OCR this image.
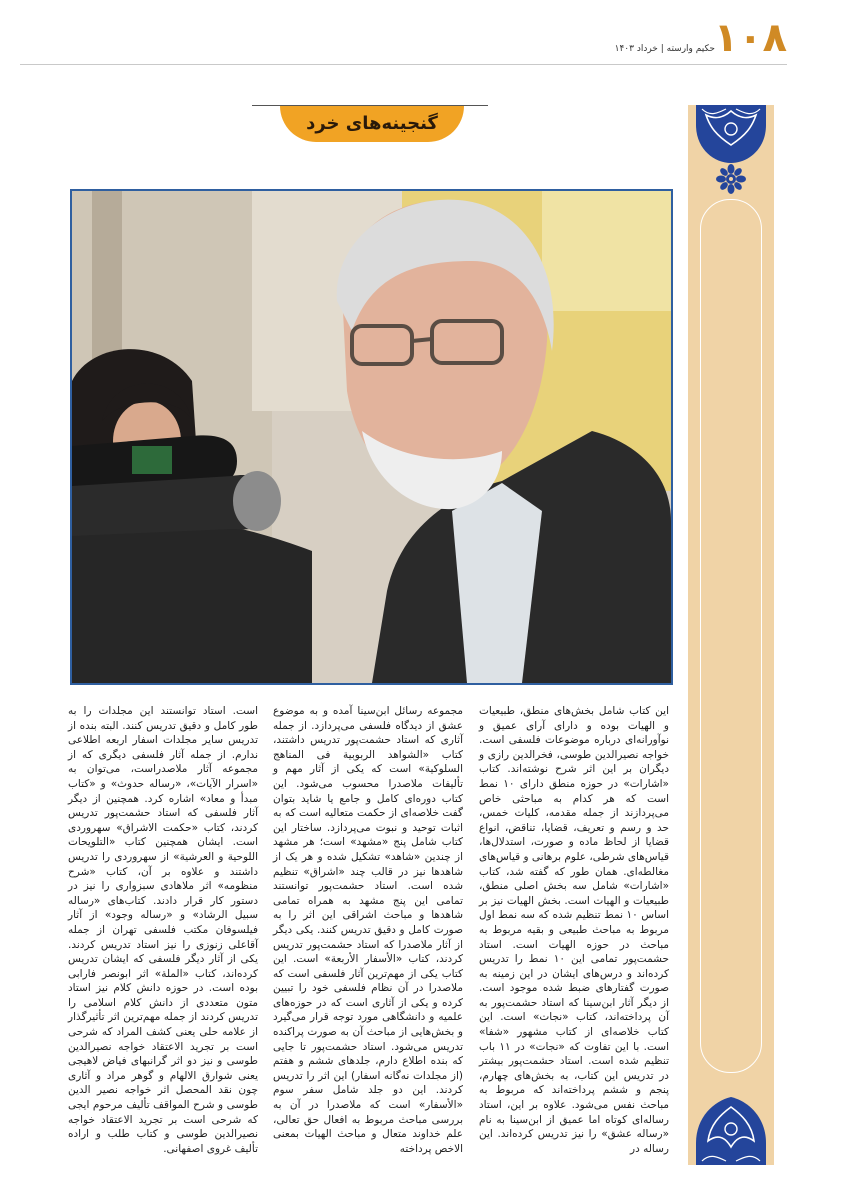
۱۰۸
حکیم وارسته | خرداد ۱۴۰۳
گنجینه‌های خرد

این کتاب شامل بخش‌های منطق، طبیعیات و الهیات بوده و دارای آرای عمیق و نوآورانه‌ای درباره موضوعات فلسفی است. خواجه نصیرالدین طوسی، فخرالدین رازی و دیگران بر این اثر شرح نوشته‌اند. کتاب «اشارات» در حوزه منطق دارای ۱۰ نمط است که هر کدام به مباحثی خاص می‌پردازند از جمله مقدمه، کلیات خمس، حد و رسم و تعریف، قضایا، تناقض، انواع قضایا از لحاظ ماده و صورت، استدلال‌ها، قیاس‌های شرطی، علوم برهانی و قیاس‌های مغالطه‌ای. همان طور که گفته شد، کتاب «اشارات» شامل سه بخش اصلی منطق، طبیعیات و الهیات است. بخش الهیات نیز بر اساس ۱۰ نمط تنظیم شده که سه نمط اول مربوط به مباحث طبیعی و بقیه مربوط به مباحث در حوزه الهیات است. استاد حشمت‌پور تمامی این ۱۰ نمط را تدریس کرده‌اند و درس‌های ایشان در این زمینه به صورت گفتارهای ضبط شده موجود است. از دیگر آثار ابن‌سینا که استاد حشمت‌پور به آن پرداخته‌اند، کتاب «نجات» است. این کتاب خلاصه‌ای از کتاب مشهور «شفا» است. با این تفاوت که «نجات» در ۱۱ باب تنظیم شده است. استاد حشمت‌پور بیشتر در تدریس این کتاب، به بخش‌های چهارم، پنجم و ششم پرداخته‌اند که مربوط به مباحث نفس می‌شود. علاوه بر این، استاد رساله‌ای کوتاه اما عمیق از ابن‌سینا به نام «رساله عشق» را نیز تدریس کرده‌اند. این رساله در

مجموعه رسائل ابن‌سینا آمده و به موضوع عشق از دیدگاه فلسفی می‌پردازد. از جمله آثاری که استاد حشمت‌پور تدریس داشتند، کتاب «الشواهد الربوبیة فی المناهج السلوکیة» است که یکی از آثار مهم و تألیفات ملاصدرا محسوب می‌شود. این کتاب دوره‌ای کامل و جامع یا شاید بتوان گفت خلاصه‌ای از حکمت متعالیه است که به اثبات توحید و نبوت می‌پردازد. ساختار این کتاب شامل پنج «مشهد» است؛ هر مشهد از چندین «شاهد» تشکیل شده و هر یک از شاهدها نیز در قالب چند «اشراق» تنظیم شده است. استاد حشمت‌پور توانستند تمامی این پنج مشهد به همراه تمامی شاهدها و مباحث اشراقی این اثر را به صورت کامل و دقیق تدریس کنند. یکی دیگر از آثار ملاصدرا که استاد حشمت‌پور تدریس کردند، کتاب «الأسفار الأربعة» است. این کتاب یکی از مهم‌ترین آثار فلسفی است که ملاصدرا در آن نظام فلسفی خود را تبیین کرده و یکی از آثاری است که در حوزه‌های علمیه و دانشگاهی مورد توجه قرار می‌گیرد و بخش‌هایی از مباحث آن به صورت پراکنده تدریس می‌شود. استاد حشمت‌پور تا جایی که بنده اطلاع دارم، جلدهای ششم و هفتم (از مجلدات نه‌گانه اسفار) این اثر را تدریس کردند. این دو جلد شامل سفر سوم «الأسفار» است که ملاصدرا در آن به بررسی مباحث مربوط به افعال حق تعالی، علم خداوند متعال و مباحث الهیات بمعنی الاخص پرداخته

است. استاد توانستند این مجلدات را به طور کامل و دقیق تدریس کنند. البته بنده از تدریس سایر مجلدات اسفار اربعه اطلاعی ندارم. از جمله آثار فلسفی دیگری که از مجموعه آثار ملاصدراست، می‌توان به «اسرار الآیات»، «رساله حدوث» و «کتاب مبدأ و معاد» اشاره کرد. همچنین از دیگر آثار فلسفی که استاد حشمت‌پور تدریس کردند، کتاب «حکمت الاشراق» سهروردی است. ایشان همچنین کتاب «التلویحات اللوحیة و العرشیة» از سهروردی را تدریس داشتند و علاوه بر آن، کتاب «شرح منظومه» اثر ملاهادی سبزواری را نیز در دستور کار قرار دادند. کتاب‌های «رساله سبیل الرشاد» و «رساله وجود» از آثار فیلسوفان مکتب فلسفی تهران از جمله آقاعلی زنوزی را نیز استاد تدریس کردند. یکی از آثار دیگر فلسفی که ایشان تدریس کرده‌اند، کتاب «الملة» اثر ابونصر فارابی بوده است. در حوزه دانش کلام نیز استاد متون متعددی از دانش کلام اسلامی را تدریس کردند از جمله مهم‌ترین اثر تأثیرگذار از علامه حلی یعنی کشف المراد که شرحی است بر تجرید الاعتقاد خواجه نصیرالدین طوسی و نیز دو اثر گرانبهای فیاض لاهیجی یعنی شوارق الالهام و گوهر مراد و آثاری چون نقد المحصل اثر خواجه نصیر الدین طوسی و شرح المواقف تألیف مرحوم ایجی که شرحی است بر تجرید الاعتقاد خواجه نصیرالدین طوسی و کتاب طلب و اراده تألیف غروی اصفهانی.
